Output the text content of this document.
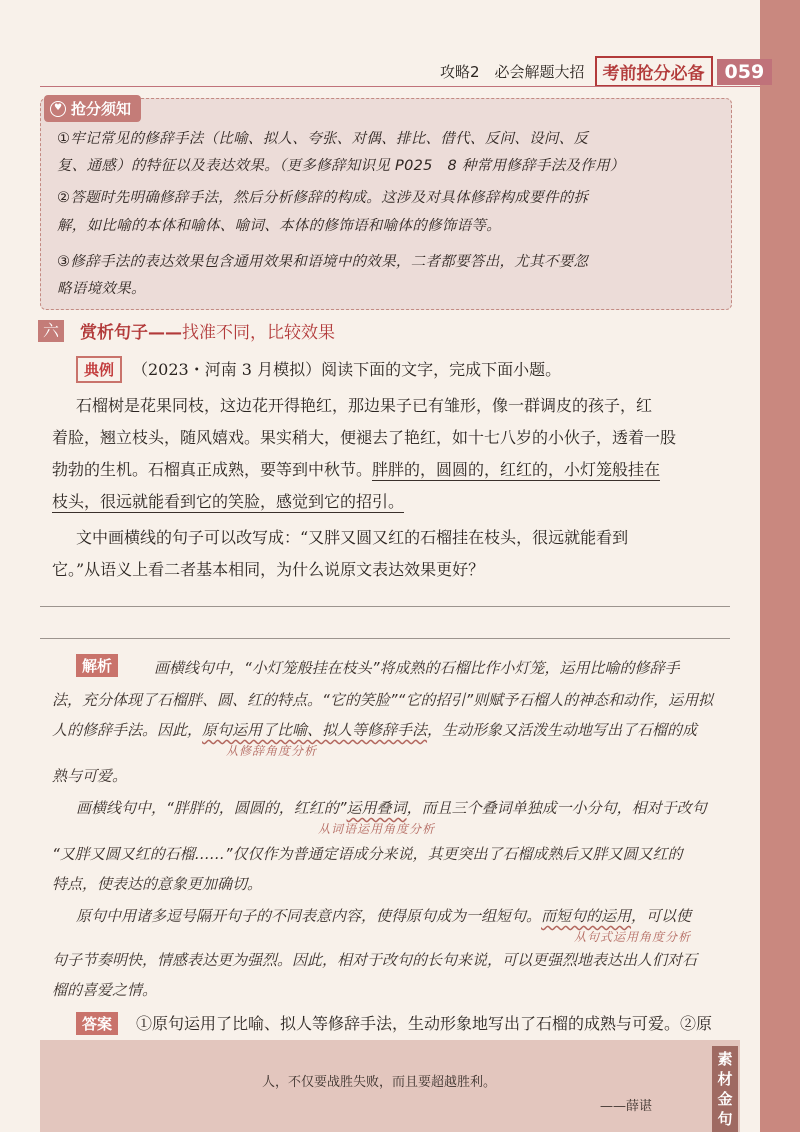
攻略2　必会解题大招	考前抢分必备	059

①牢记常见的修辞手法（比喻、拟人、夸张、对偶、排比、借代、反问、设问、反

复、通感）的特征以及表达效果。（更多修辞知识见 P025　8 种常用修辞手法及作用）

②答题时先明确修辞手法，然后分析修辞的构成。这涉及对具体修辞构成要件的拆

解，如比喻的本体和喻体、喻词、本体的修饰语和喻体的修饰语等。

③修辞手法的表达效果包含通用效果和语境中的效果，二者都要答出，尤其不要忽

略语境效果。

♥ 抢分须知
六 赏析句子——找准不同，比较效果
典例	（2023・河南 3 月模拟）阅读下面的文字，完成下面小题。

石榴树是花果同枝，这边花开得艳红，那边果子已有雏形，像一群调皮的孩子，红

着脸，翘立枝头，随风嬉戏。果实稍大，便褪去了艳红，如十七八岁的小伙子，透着一股

勃勃的生机。石榴真正成熟，要等到中秋节。胖胖的，圆圆的，红红的，小灯笼般挂在

枝头，很远就能看到它的笑脸，感觉到它的招引。

文中画横线的句子可以改写成：“又胖又圆又红的石榴挂在枝头，很远就能看到

它。”从语义上看二者基本相同，为什么说原文表达效果更好？

解析	画横线句中，“小灯笼般挂在枝头”将成熟的石榴比作小灯笼，运用比喻的修辞手

法，充分体现了石榴胖、圆、红的特点。“它的笑脸”“它的招引”则赋予石榴人的神态和动作，运用拟

人的修辞手法。因此，原句运用了比喻、拟人等修辞手法，生动形象又活泼生动地写出了石榴的成

从修辞角度分析

熟与可爱。

画横线句中，“胖胖的，圆圆的，红红的”运用叠词，而且三个叠词单独成一小分句，相对于改句

从词语运用角度分析

“又胖又圆又红的石榴……”仅仅作为普通定语成分来说，其更突出了石榴成熟后又胖又圆又红的

特点，使表达的意象更加确切。

原句中用诸多逗号隔开句子的不同表意内容，使得原句成为一组短句。而短句的运用，可以使

从句式运用角度分析

句子节奏明快，情感表达更为强烈。因此，相对于改句的长句来说，可以更强烈地表达出人们对石

榴的喜爱之情。

答案	①原句运用了比喻、拟人等修辞手法，生动形象地写出了石榴的成熟与可爱。②原

人，不仅要战胜失败，而且要超越胜利。

——薛谌

素
材
金
句
